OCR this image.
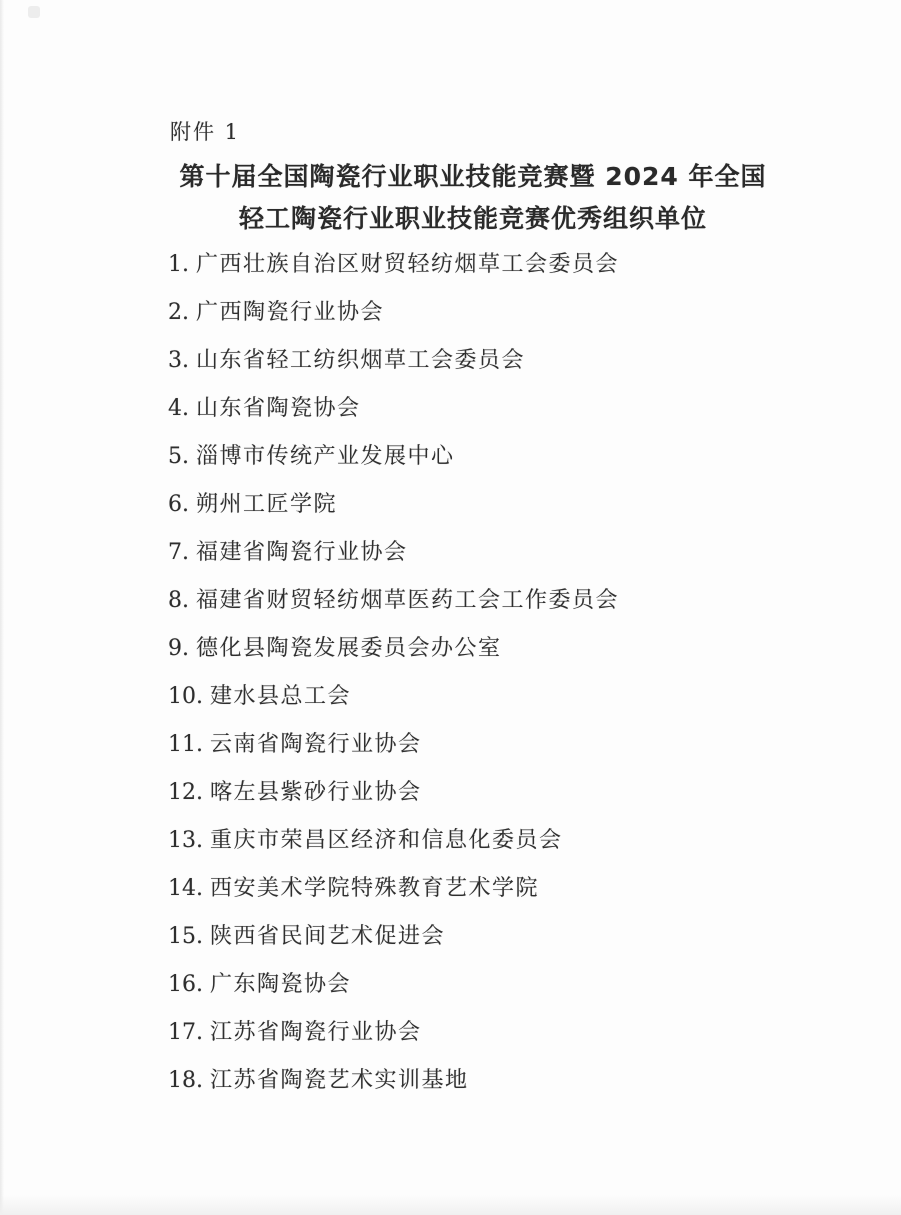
附件 1
第十届全国陶瓷行业职业技能竞赛暨 2024 年全国
轻工陶瓷行业职业技能竞赛优秀组织单位
1. 广西壮族自治区财贸轻纺烟草工会委员会
2. 广西陶瓷行业协会
3. 山东省轻工纺织烟草工会委员会
4. 山东省陶瓷协会
5. 淄博市传统产业发展中心
6. 朔州工匠学院
7. 福建省陶瓷行业协会
8. 福建省财贸轻纺烟草医药工会工作委员会
9. 德化县陶瓷发展委员会办公室
10. 建水县总工会
11. 云南省陶瓷行业协会
12. 喀左县紫砂行业协会
13. 重庆市荣昌区经济和信息化委员会
14. 西安美术学院特殊教育艺术学院
15. 陕西省民间艺术促进会
16. 广东陶瓷协会
17. 江苏省陶瓷行业协会
18. 江苏省陶瓷艺术实训基地
